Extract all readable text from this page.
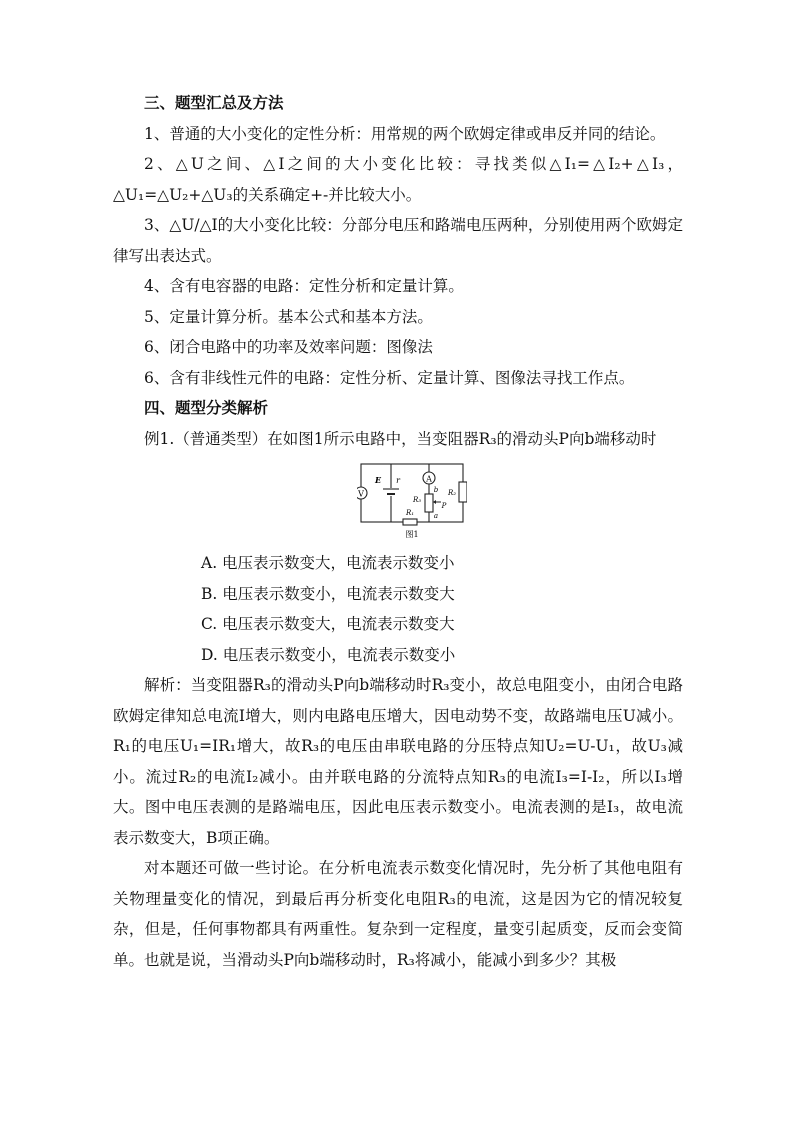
三、题型汇总及方法

1、普通的大小变化的定性分析：用常规的两个欧姆定律或串反并同的结论。

2、△U之间、△I之间的大小变化比较：寻找类似△I₁=△I₂+△I₃，△U₁=△U₂+△U₃的关系确定+-并比较大小。

3、△U/△I的大小变化比较：分部分电压和路端电压两种，分别使用两个欧姆定律写出表达式。

4、含有电容器的电路：定性分析和定量计算。

5、定量计算分析。基本公式和基本方法。

6、闭合电路中的功率及效率问题：图像法

6、含有非线性元件的电路：定性分析、定量计算、图像法寻找工作点。

四、题型分类解析

例1.（普通类型）在如图1所示电路中，当变阻器R₃的滑动头P向b端移动时

V
E r	A
R₃
b
a
P
R₂
R₁
图1

A. 电压表示数变大，电流表示数变小

B. 电压表示数变小，电流表示数变大

C. 电压表示数变大，电流表示数变大

D. 电压表示数变小，电流表示数变小

解析：当变阻器R₃的滑动头P向b端移动时R₃变小，故总电阻变小，由闭合电路欧姆定律知总电流I增大，则内电路电压增大，因电动势不变，故路端电压U减小。R₁的电压U₁=IR₁增大，故R₃的电压由串联电路的分压特点知U₂=U-U₁，故U₃减小。流过R₂的电流I₂减小。由并联电路的分流特点知R₃的电流I₃=I-I₂，所以I₃增大。图中电压表测的是路端电压，因此电压表示数变小。电流表测的是I₃，故电流表示数变大，B项正确。

对本题还可做一些讨论。在分析电流表示数变化情况时，先分析了其他电阻有关物理量变化的情况，到最后再分析变化电阻R₃的电流，这是因为它的情况较复杂，但是，任何事物都具有两重性。复杂到一定程度，量变引起质变，反而会变简单。也就是说，当滑动头P向b端移动时，R₃将减小，能减小到多少？其极
